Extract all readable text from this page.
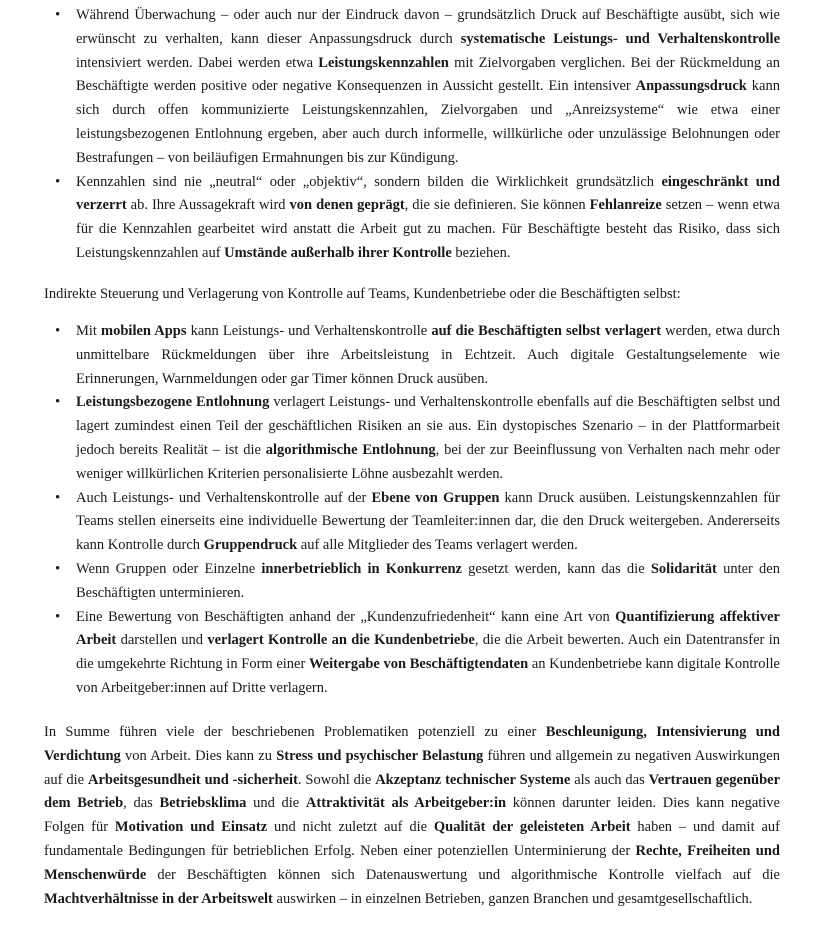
• Während Überwachung – oder auch nur der Eindruck davon – grundsätzlich Druck auf Beschäftigte ausübt, sich wie erwünscht zu verhalten, kann dieser Anpassungsdruck durch systematische Leistungs- und Verhaltenskontrolle intensiviert werden. Dabei werden etwa Leistungskennzahlen mit Zielvorgaben verglichen. Bei der Rückmeldung an Beschäftigte werden positive oder negative Konsequenzen in Aussicht gestellt. Ein intensiver Anpassungsdruck kann sich durch offen kommunizierte Leistungskennzahlen, Zielvorgaben und „Anreizsysteme“ wie etwa einer leistungsbezogenen Entlohnung ergeben, aber auch durch informelle, willkürliche oder unzulässige Belohnungen oder Bestrafungen – von beiläufigen Ermahnungen bis zur Kündigung.
• Kennzahlen sind nie „neutral“ oder „objektiv“, sondern bilden die Wirklichkeit grundsätzlich eingeschränkt und verzerrt ab. Ihre Aussagekraft wird von denen geprägt, die sie definieren. Sie können Fehlanreize setzen – wenn etwa für die Kennzahlen gearbeitet wird anstatt die Arbeit gut zu machen. Für Beschäftigte besteht das Risiko, dass sich Leistungskennzahlen auf Umstände außerhalb ihrer Kontrolle beziehen.

Indirekte Steuerung und Verlagerung von Kontrolle auf Teams, Kundenbetriebe oder die Beschäftigten selbst:

• Mit mobilen Apps kann Leistungs- und Verhaltenskontrolle auf die Beschäftigten selbst verlagert werden, etwa durch unmittelbare Rückmeldungen über ihre Arbeitsleistung in Echtzeit. Auch digitale Gestaltungselemente wie Erinnerungen, Warnmeldungen oder gar Timer können Druck ausüben.
• Leistungsbezogene Entlohnung verlagert Leistungs- und Verhaltenskontrolle ebenfalls auf die Beschäftigten selbst und lagert zumindest einen Teil der geschäftlichen Risiken an sie aus. Ein dystopisches Szenario – in der Plattformarbeit jedoch bereits Realität – ist die algorithmische Entlohnung, bei der zur Beeinflussung von Verhalten nach mehr oder weniger willkürlichen Kriterien personalisierte Löhne ausbezahlt werden.
• Auch Leistungs- und Verhaltenskontrolle auf der Ebene von Gruppen kann Druck ausüben. Leistungskennzahlen für Teams stellen einerseits eine individuelle Bewertung der Teamleiter:innen dar, die den Druck weitergeben. Andererseits kann Kontrolle durch Gruppendruck auf alle Mitglieder des Teams verlagert werden.
• Wenn Gruppen oder Einzelne innerbetrieblich in Konkurrenz gesetzt werden, kann das die Solidarität unter den Beschäftigten unterminieren.
• Eine Bewertung von Beschäftigten anhand der „Kundenzufriedenheit“ kann eine Art von Quantifizierung affektiver Arbeit darstellen und verlagert Kontrolle an die Kundenbetriebe, die die Arbeit bewerten. Auch ein Datentransfer in die umgekehrte Richtung in Form einer Weitergabe von Beschäftigtendaten an Kundenbetriebe kann digitale Kontrolle von Arbeitgeber:innen auf Dritte verlagern.

In Summe führen viele der beschriebenen Problematiken potenziell zu einer Beschleunigung, Intensivierung und Verdichtung von Arbeit. Dies kann zu Stress und psychischer Belastung führen und allgemein zu negativen Auswirkungen auf die Arbeitsgesundheit und -sicherheit. Sowohl die Akzeptanz technischer Systeme als auch das Vertrauen gegenüber dem Betrieb, das Betriebsklima und die Attraktivität als Arbeitgeber:in können darunter leiden. Dies kann negative Folgen für Motivation und Einsatz und nicht zuletzt auf die Qualität der geleisteten Arbeit haben – und damit auf fundamentale Bedingungen für betrieblichen Erfolg. Neben einer potenziellen Unterminierung der Rechte, Freiheiten und Menschenwürde der Beschäftigten können sich Datenauswertung und algorithmische Kontrolle vielfach auf die Machtverhältnisse in der Arbeitswelt auswirken – in einzelnen Betrieben, ganzen Branchen und gesamtgesellschaftlich.
